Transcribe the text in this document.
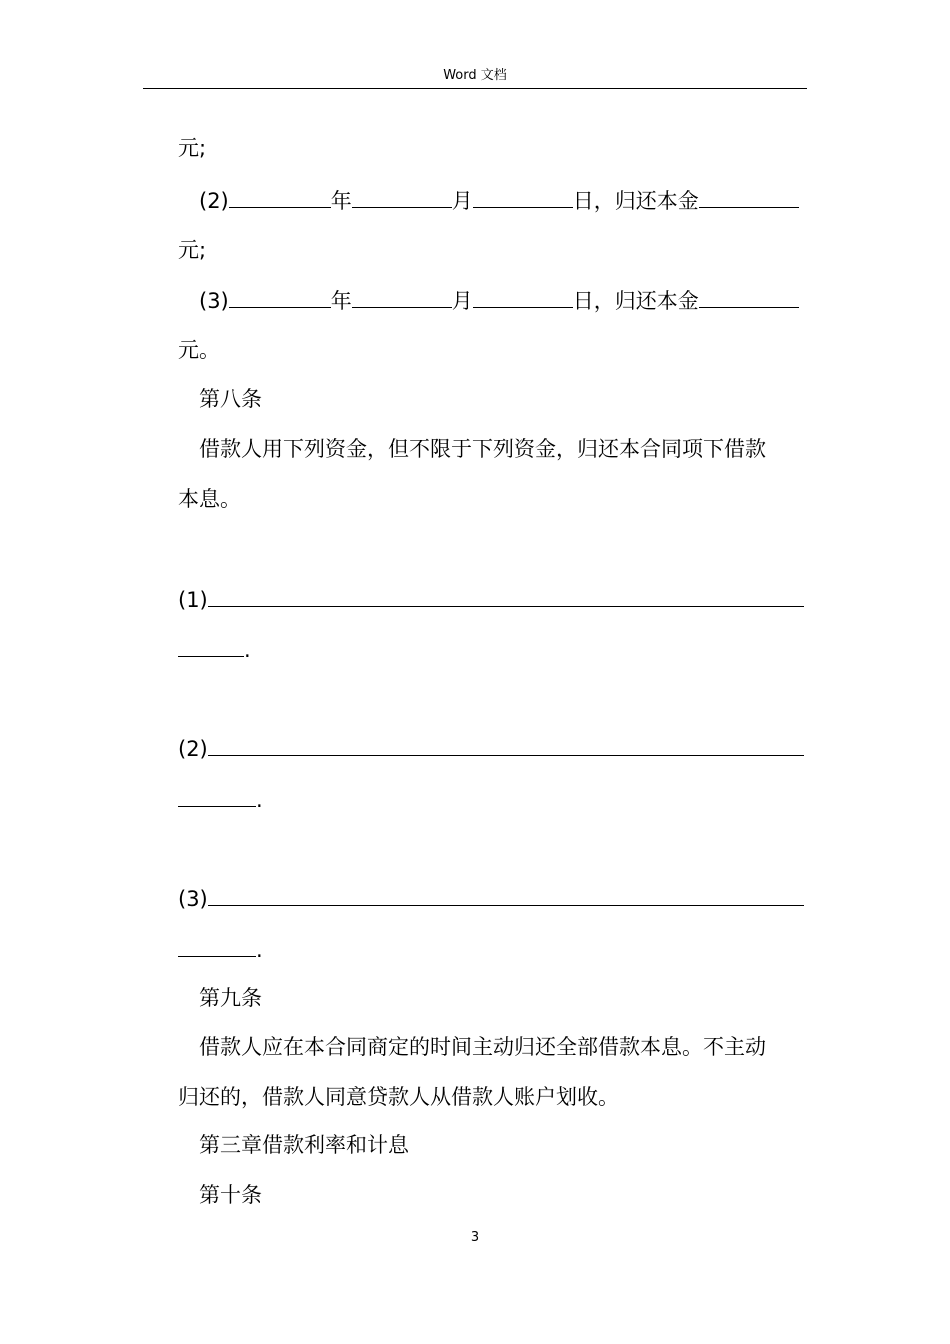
Word 文档
元;
(2)	年	月	日，归还本金
元;
(3)	年	月	日，归还本金
元。
第八条
借款人用下列资金，但不限于下列资金，归还本合同项下借款
本息。
(1)
.
(2)
.
(3)
.
第九条
借款人应在本合同商定的时间主动归还全部借款本息。不主动
归还的，借款人同意贷款人从借款人账户划收。
第三章借款利率和计息
第十条
3
